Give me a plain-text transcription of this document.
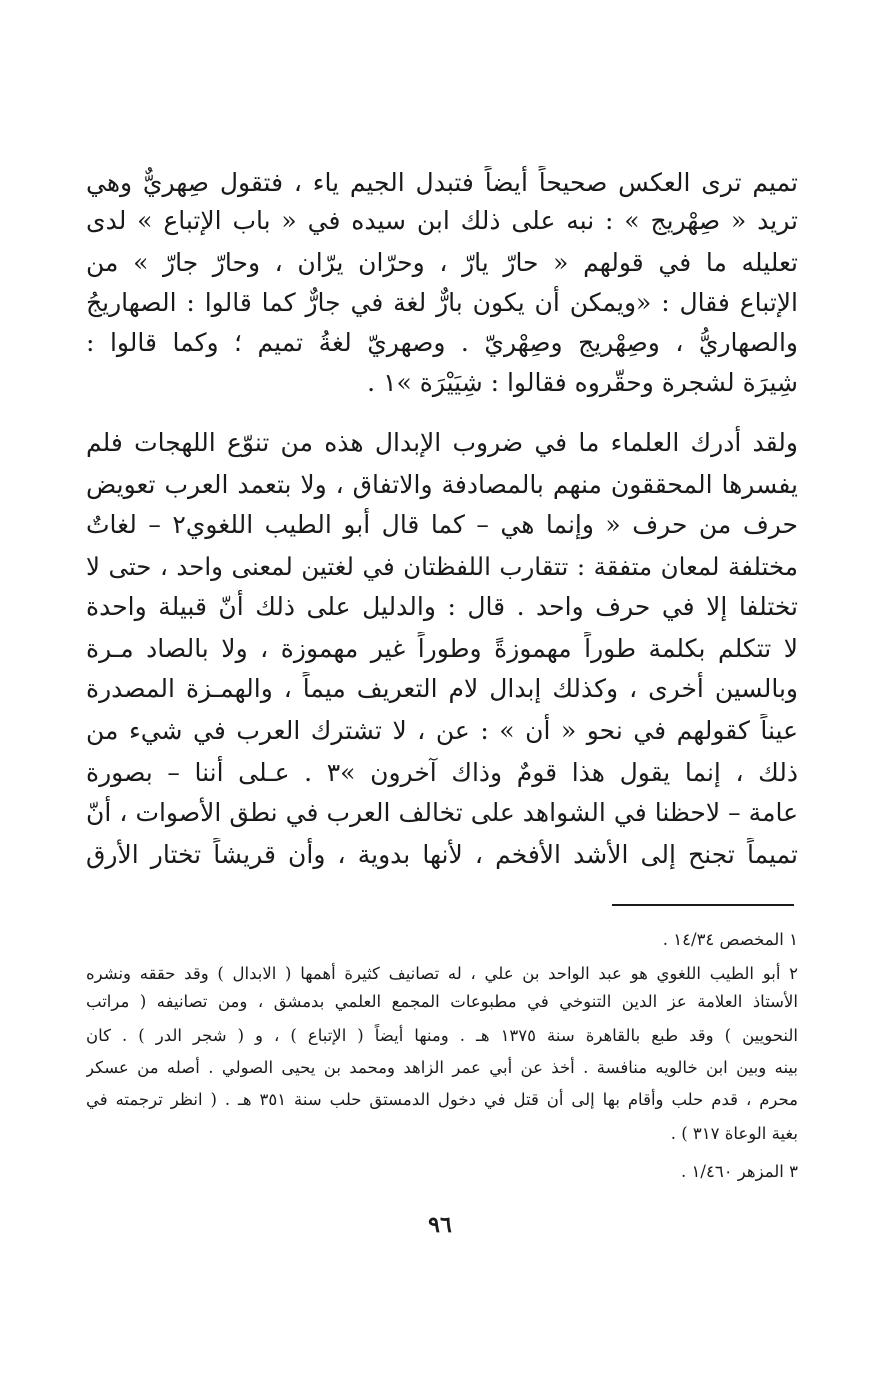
تميم ترى العكس صحيحاً أيضاً فتبدل الجيم ياء ، فتقول صِهريٌّ وهي
تريد « صِهْريج » : نبه على ذلك ابن سيده في « باب الإتباع » لدى
تعليله ما في قولهم « حارّ يارّ ، وحرّان يرّان ، وحارّ جارّ » من
الإتباع فقال : «ويمكن أن يكون بارٌّ لغة في جارٌّ كما قالوا : الصهاريجُ
والصهاريُّ ، وصِهْريج وصِهْريّ . وصهريّ لغةُ تميم ؛ وكما قالوا :
شِيرَة لشجرة وحقّروه فقالوا : شِيَيْرَة »١ .
ولقد أدرك العلماء ما في ضروب الإبدال هذه من تنوّع اللهجات فلم
يفسرها المحققون منهم بالمصادفة والاتفاق ، ولا بتعمد العرب تعويض
حرف من حرف « وإنما هي – كما قال أبو الطيب اللغوي٢ – لغاتٌ
مختلفة لمعان متفقة : تتقارب اللفظتان في لغتين لمعنى واحد ، حتى لا
تختلفا إلا في حرف واحد . قال : والدليل على ذلك أنّ قبيلة واحدة
لا تتكلم بكلمة طوراً مهموزةً وطوراً غير مهموزة ، ولا بالصاد مـرة
وبالسين أخرى ، وكذلك إبدال لام التعريف ميماً ، والهمـزة المصدرة
عيناً كقولهم في نحو « أن » : عن ، لا تشترك العرب في شيء من
ذلك ، إنما يقول هذا قومٌ وذاك آخرون »٣ . عـلى أننا – بصورة
عامة – لاحظنا في الشواهد على تخالف العرب في نطق الأصوات ، أنّ
تميماً تجنح إلى الأشد الأفخم ، لأنها بدوية ، وأن قريشاً تختار الأرق
١ المخصص ١٤/٣٤ .
٢ أبو الطيب اللغوي هو عبد الواحد بن علي ، له تصانيف كثيرة أهمها ( الابدال ) وقد حققه ونشره
الأستاذ العلامة عز الدين التنوخي في مطبوعات المجمع العلمي بدمشق ، ومن تصانيفه ( مراتب
النحويين ) وقد طبع بالقاهرة سنة ١٣٧٥ هـ . ومنها أيضاً ( الإتباع ) ، و ( شجر الدر ) . كان
بينه وبين ابن خالويه منافسة . أخذ عن أبي عمر الزاهد ومحمد بن يحيى الصولي . أصله من عسكر
محرم ، قدم حلب وأقام بها إلى أن قتل في دخول الدمستق حلب سنة ٣٥١ هـ . ( انظر ترجمته في
بغية الوعاة ٣١٧ ) .
٣ المزهر ١/٤٦٠ .
٩٦
